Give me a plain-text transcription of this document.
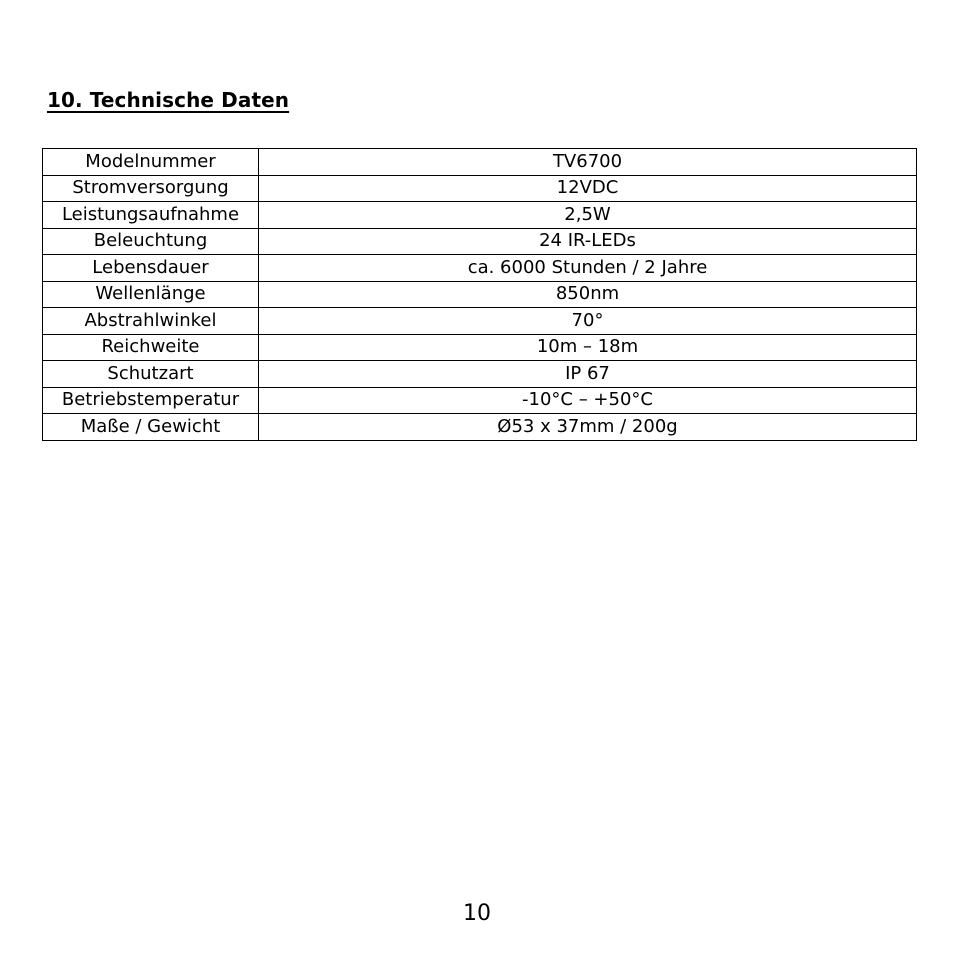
10. Technische Daten
Modelnummer	TV6700
Stromversorgung	12VDC
Leistungsaufnahme	2,5W
Beleuchtung	24 IR-LEDs
Lebensdauer	ca. 6000 Stunden / 2 Jahre
Wellenlänge	850nm
Abstrahlwinkel	70°
Reichweite	10m – 18m
Schutzart	IP 67
Betriebstemperatur	-10°C – +50°C
Maße / Gewicht	Ø53 x 37mm / 200g
10
